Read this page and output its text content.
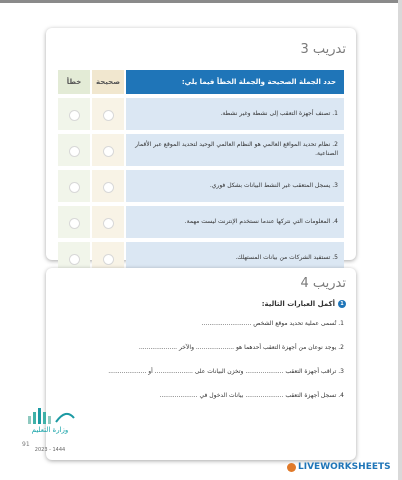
تدريب 3
حدد الجملة الصحيحة والجملة الخطأ فيما يلي:	صحيحة	خطأ

1. تصنف أجهزة التعقب إلى نشطة وغير نشطة.		

2. نظام تحديد المواقع العالمي هو النظام العالمي الوحيد لتحديد الموقع عبر الأقمار الصناعية.		

3. يسجل المتعقب غير النشط البيانات بشكل فوري.		

4. المعلومات التي نتركها عندما نستخدم الإنترنت ليست مهمة.		

5. تستفيد الشركات من بيانات المستهلك.		
تدريب 4
1
أكمل العبارات التالية:
1. تُسمى عملية تحديد موقع الشخص ..........................
2. يوجد نوعان من أجهزة التعقب أحدهما هو .................... والآخر ....................
3. تراقب أجهزة التعقب .................... وتخزن البيانات على .................... أو ....................
4. تسجل أجهزة التعقب .................... بيانات الدخول في ....................
وزارة التعليم
91
2023 - 1444
LIVEWORKSHEETS
